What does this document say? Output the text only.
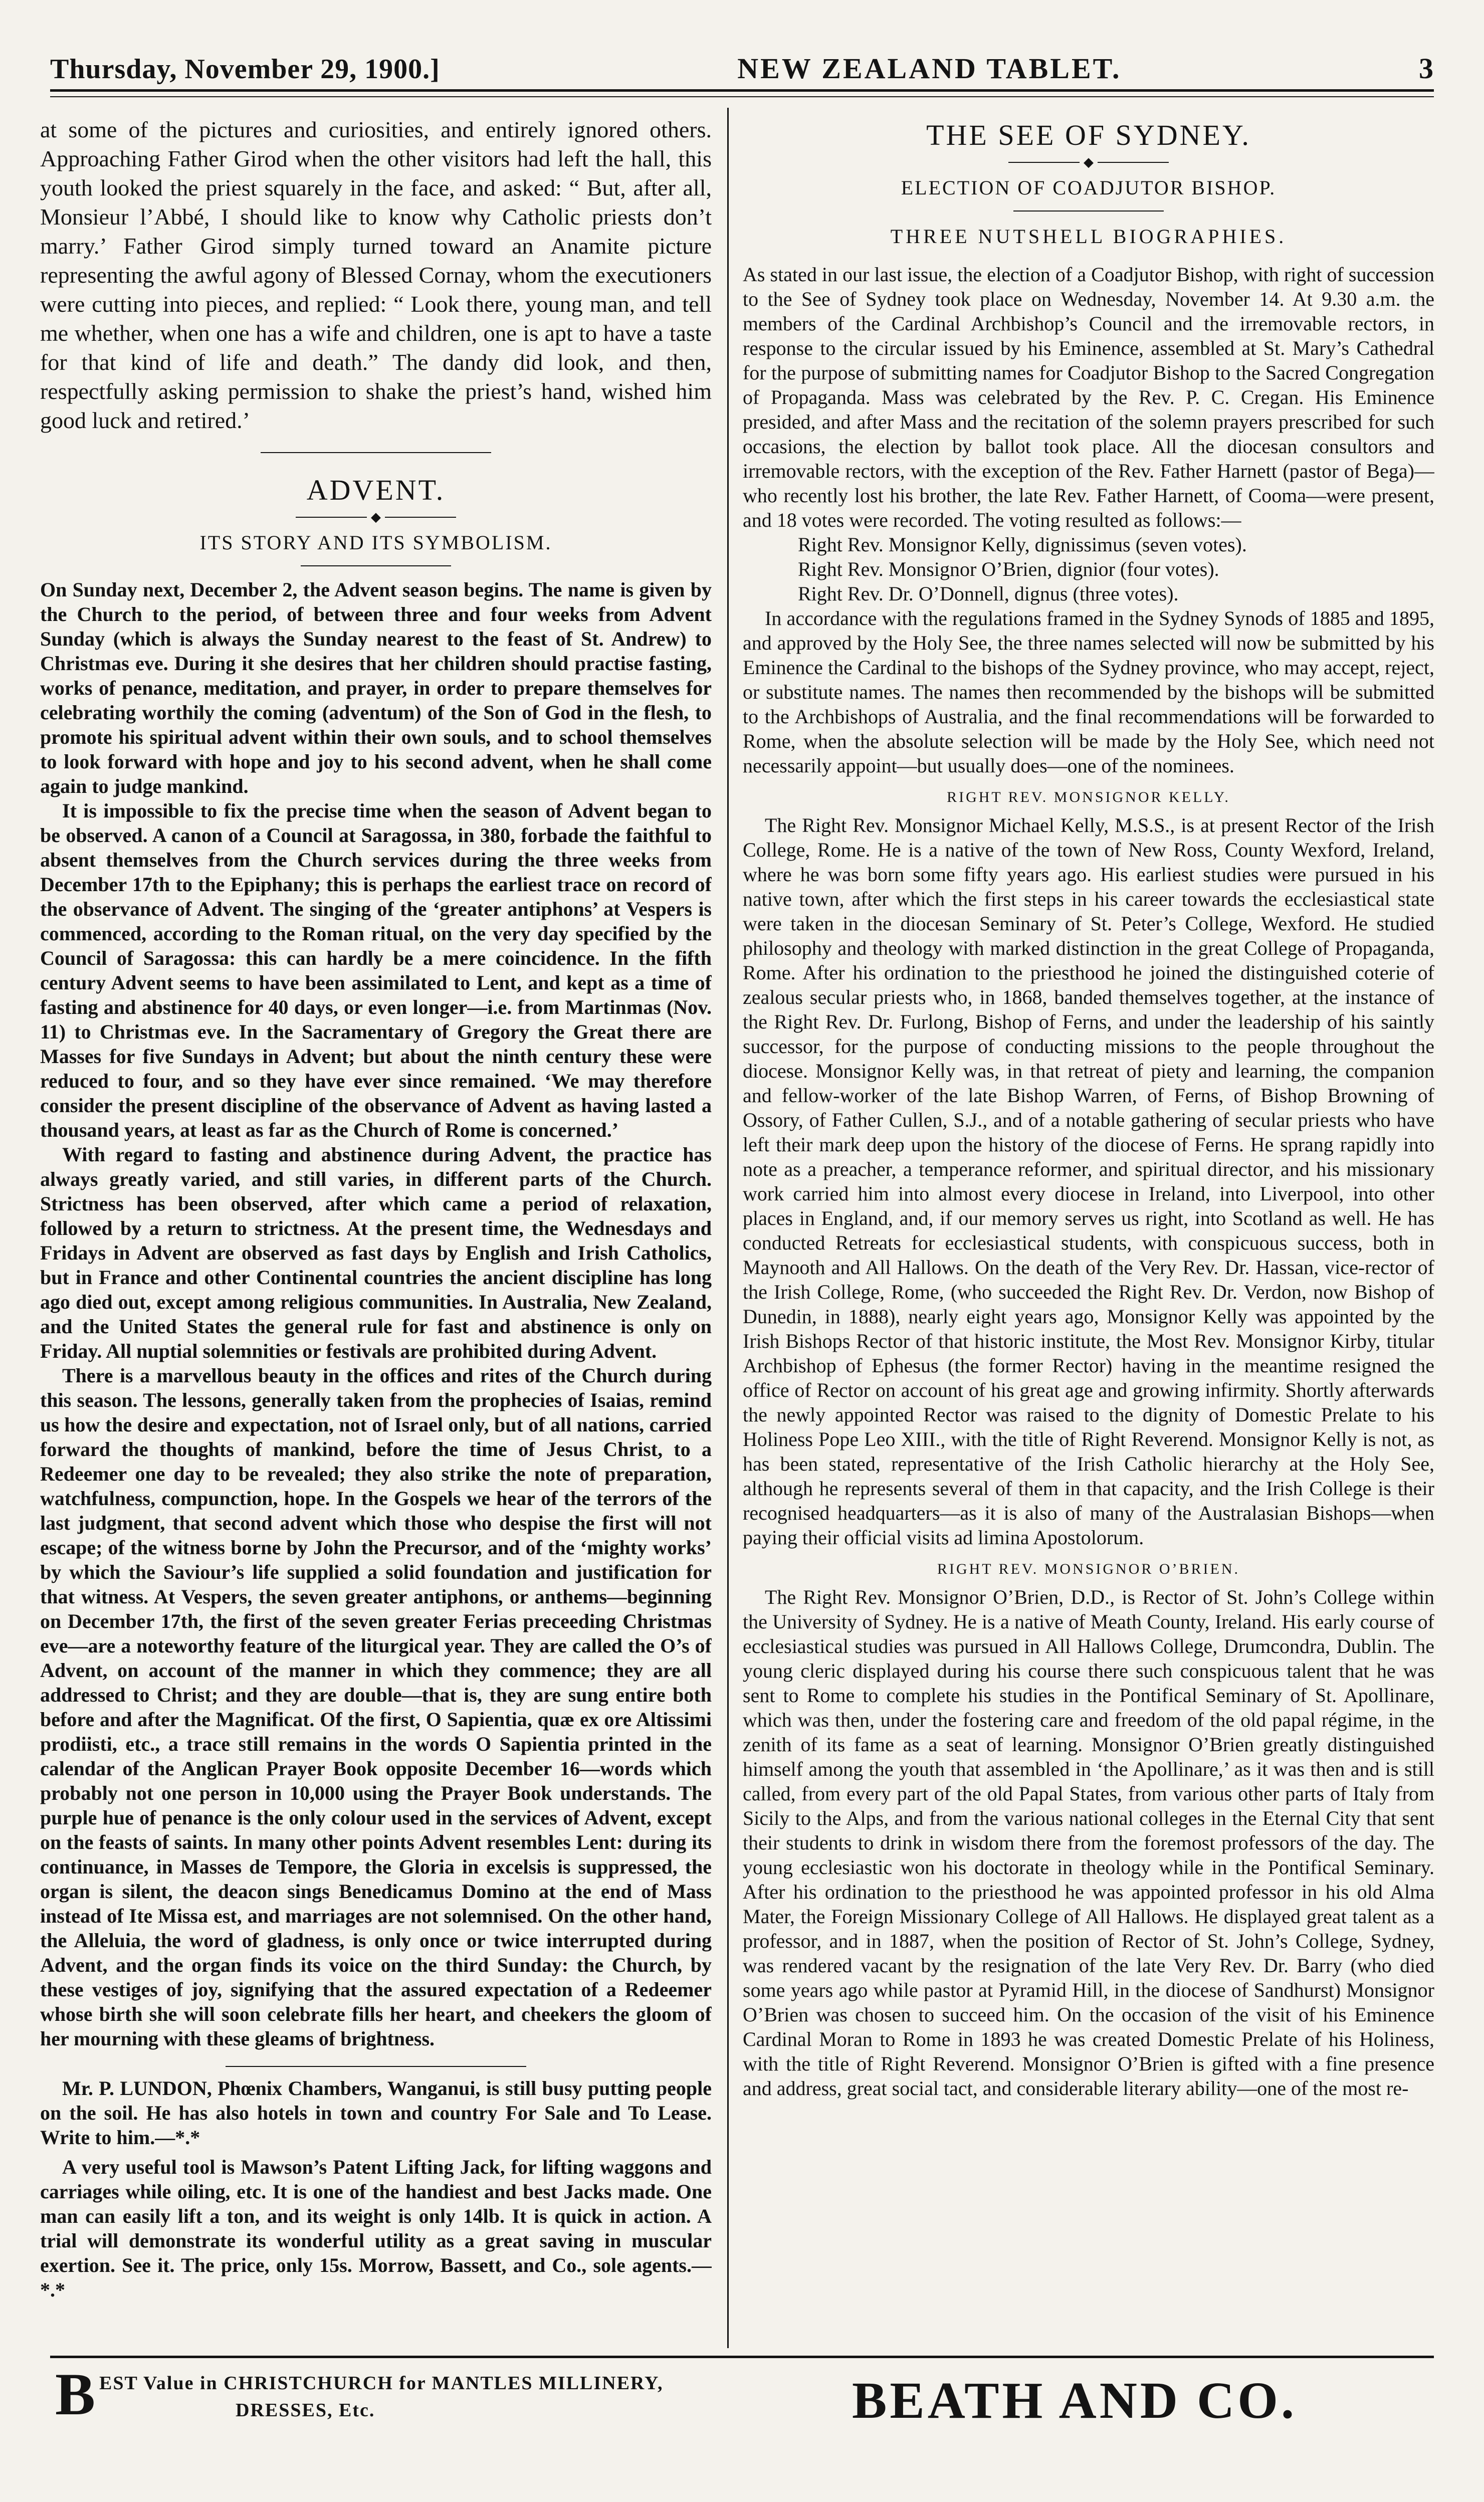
Thursday, November 29, 1900.]	NEW ZEALAND TABLET.	3

at some of the pictures and curiosities, and entirely ignored others. Approaching Father Girod when the other visitors had left the hall, this youth looked the priest squarely in the face, and asked: “ But, after all, Monsieur l’Abbé, I should like to know why Catholic priests don’t marry.’ Father Girod simply turned toward an Anamite picture representing the awful agony of Blessed Cornay, whom the executioners were cutting into pieces, and replied: “ Look there, young man, and tell me whether, when one has a wife and children, one is apt to have a taste for that kind of life and death.” The dandy did look, and then, respectfully asking permission to shake the priest’s hand, wished him good luck and retired.’

ADVENT.
◆
ITS STORY AND ITS SYMBOLISM.

On Sunday next, December 2, the Advent season begins. The name is given by the Church to the period, of between three and four weeks from Advent Sunday (which is always the Sunday nearest to the feast of St. Andrew) to Christmas eve. During it she desires that her children should practise fasting, works of penance, meditation, and prayer, in order to prepare themselves for celebrating worthily the coming (adventum) of the Son of God in the flesh, to promote his spiritual advent within their own souls, and to school themselves to look forward with hope and joy to his second advent, when he shall come again to judge mankind.

It is impossible to fix the precise time when the season of Advent began to be observed. A canon of a Council at Saragossa, in 380, forbade the faithful to absent themselves from the Church services during the three weeks from December 17th to the Epiphany; this is perhaps the earliest trace on record of the observance of Advent. The singing of the ‘greater antiphons’ at Vespers is commenced, according to the Roman ritual, on the very day specified by the Council of Saragossa: this can hardly be a mere coincidence. In the fifth century Advent seems to have been assimilated to Lent, and kept as a time of fasting and abstinence for 40 days, or even longer—i.e. from Martinmas (Nov. 11) to Christmas eve. In the Sacramentary of Gregory the Great there are Masses for five Sundays in Advent; but about the ninth century these were reduced to four, and so they have ever since remained. ‘We may therefore consider the present discipline of the observance of Advent as having lasted a thousand years, at least as far as the Church of Rome is concerned.’

With regard to fasting and abstinence during Advent, the practice has always greatly varied, and still varies, in different parts of the Church. Strictness has been observed, after which came a period of relaxation, followed by a return to strictness. At the present time, the Wednesdays and Fridays in Advent are observed as fast days by English and Irish Catholics, but in France and other Continental countries the ancient discipline has long ago died out, except among religious communities. In Australia, New Zealand, and the United States the general rule for fast and abstinence is only on Friday. All nuptial solemnities or festivals are prohibited during Advent.

There is a marvellous beauty in the offices and rites of the Church during this season. The lessons, generally taken from the prophecies of Isaias, remind us how the desire and expectation, not of Israel only, but of all nations, carried forward the thoughts of mankind, before the time of Jesus Christ, to a Redeemer one day to be revealed; they also strike the note of preparation, watchfulness, compunction, hope. In the Gospels we hear of the terrors of the last judgment, that second advent which those who despise the first will not escape; of the witness borne by John the Precursor, and of the ‘mighty works’ by which the Saviour’s life supplied a solid foundation and justification for that witness. At Vespers, the seven greater antiphons, or anthems—beginning on December 17th, the first of the seven greater Ferias preceeding Christmas eve—are a noteworthy feature of the liturgical year. They are called the O’s of Advent, on account of the manner in which they commence; they are all addressed to Christ; and they are double—that is, they are sung entire both before and after the Magnificat. Of the first, O Sapientia, quæ ex ore Altissimi prodiisti, etc., a trace still remains in the words O Sapientia printed in the calendar of the Anglican Prayer Book opposite December 16—words which probably not one person in 10,000 using the Prayer Book understands. The purple hue of penance is the only colour used in the services of Advent, except on the feasts of saints. In many other points Advent resembles Lent: during its continuance, in Masses de Tempore, the Gloria in excelsis is suppressed, the organ is silent, the deacon sings Benedicamus Domino at the end of Mass instead of Ite Missa est, and marriages are not solemnised. On the other hand, the Alleluia, the word of gladness, is only once or twice interrupted during Advent, and the organ finds its voice on the third Sunday: the Church, by these vestiges of joy, signifying that the assured expectation of a Redeemer whose birth she will soon celebrate fills her heart, and cheekers the gloom of her mourning with these gleams of brightness.

Mr. P. LUNDON, Phœnix Chambers, Wanganui, is still busy putting people on the soil. He has also hotels in town and country For Sale and To Lease. Write to him.—*.*

A very useful tool is Mawson’s Patent Lifting Jack, for lifting waggons and carriages while oiling, etc. It is one of the handiest and best Jacks made. One man can easily lift a ton, and its weight is only 14lb. It is quick in action. A trial will demonstrate its wonderful utility as a great saving in muscular exertion. See it. The price, only 15s. Morrow, Bassett, and Co., sole agents.—*.*

THE SEE OF SYDNEY.
◆
ELECTION OF COADJUTOR BISHOP.
THREE NUTSHELL BIOGRAPHIES.

As stated in our last issue, the election of a Coadjutor Bishop, with right of succession to the See of Sydney took place on Wednesday, November 14. At 9.30 a.m. the members of the Cardinal Archbishop’s Council and the irremovable rectors, in response to the circular issued by his Eminence, assembled at St. Mary’s Cathedral for the purpose of submitting names for Coadjutor Bishop to the Sacred Congregation of Propaganda. Mass was celebrated by the Rev. P. C. Cregan. His Eminence presided, and after Mass and the recitation of the solemn prayers prescribed for such occasions, the election by ballot took place. All the diocesan consultors and irremovable rectors, with the exception of the Rev. Father Harnett (pastor of Bega)—who recently lost his brother, the late Rev. Father Harnett, of Cooma—were present, and 18 votes were recorded. The voting resulted as follows:—

Right Rev. Monsignor Kelly, dignissimus (seven votes).

Right Rev. Monsignor O’Brien, dignior (four votes).

Right Rev. Dr. O’Donnell, dignus (three votes).

In accordance with the regulations framed in the Sydney Synods of 1885 and 1895, and approved by the Holy See, the three names selected will now be submitted by his Eminence the Cardinal to the bishops of the Sydney province, who may accept, reject, or substitute names. The names then recommended by the bishops will be submitted to the Archbishops of Australia, and the final recommendations will be forwarded to Rome, when the absolute selection will be made by the Holy See, which need not necessarily appoint—but usually does—one of the nominees.

RIGHT REV. MONSIGNOR KELLY.

The Right Rev. Monsignor Michael Kelly, M.S.S., is at present Rector of the Irish College, Rome. He is a native of the town of New Ross, County Wexford, Ireland, where he was born some fifty years ago. His earliest studies were pursued in his native town, after which the first steps in his career towards the ecclesiastical state were taken in the diocesan Seminary of St. Peter’s College, Wexford. He studied philosophy and theology with marked distinction in the great College of Propaganda, Rome. After his ordination to the priesthood he joined the distinguished coterie of zealous secular priests who, in 1868, banded themselves together, at the instance of the Right Rev. Dr. Furlong, Bishop of Ferns, and under the leadership of his saintly successor, for the purpose of conducting missions to the people throughout the diocese. Monsignor Kelly was, in that retreat of piety and learning, the companion and fellow-worker of the late Bishop Warren, of Ferns, of Bishop Browning of Ossory, of Father Cullen, S.J., and of a notable gathering of secular priests who have left their mark deep upon the history of the diocese of Ferns. He sprang rapidly into note as a preacher, a temperance reformer, and spiritual director, and his missionary work carried him into almost every diocese in Ireland, into Liverpool, into other places in England, and, if our memory serves us right, into Scotland as well. He has conducted Retreats for ecclesiastical students, with conspicuous success, both in Maynooth and All Hallows. On the death of the Very Rev. Dr. Hassan, vice-rector of the Irish College, Rome, (who succeeded the Right Rev. Dr. Verdon, now Bishop of Dunedin, in 1888), nearly eight years ago, Monsignor Kelly was appointed by the Irish Bishops Rector of that historic institute, the Most Rev. Monsignor Kirby, titular Archbishop of Ephesus (the former Rector) having in the meantime resigned the office of Rector on account of his great age and growing infirmity. Shortly afterwards the newly appointed Rector was raised to the dignity of Domestic Prelate to his Holiness Pope Leo XIII., with the title of Right Reverend. Monsignor Kelly is not, as has been stated, representative of the Irish Catholic hierarchy at the Holy See, although he represents several of them in that capacity, and the Irish College is their recognised headquarters—as it is also of many of the Australasian Bishops—when paying their official visits ad limina Apostolorum.

RIGHT REV. MONSIGNOR O’BRIEN.

The Right Rev. Monsignor O’Brien, D.D., is Rector of St. John’s College within the University of Sydney. He is a native of Meath County, Ireland. His early course of ecclesiastical studies was pursued in All Hallows College, Drumcondra, Dublin. The young cleric displayed during his course there such conspicuous talent that he was sent to Rome to complete his studies in the Pontifical Seminary of St. Apollinare, which was then, under the fostering care and freedom of the old papal régime, in the zenith of its fame as a seat of learning. Monsignor O’Brien greatly distinguished himself among the youth that assembled in ‘the Apollinare,’ as it was then and is still called, from every part of the old Papal States, from various other parts of Italy from Sicily to the Alps, and from the various national colleges in the Eternal City that sent their students to drink in wisdom there from the foremost professors of the day. The young ecclesiastic won his doctorate in theology while in the Pontifical Seminary. After his ordination to the priesthood he was appointed professor in his old Alma Mater, the Foreign Missionary College of All Hallows. He displayed great talent as a professor, and in 1887, when the position of Rector of St. John’s College, Sydney, was rendered vacant by the resignation of the late Very Rev. Dr. Barry (who died some years ago while pastor at Pyramid Hill, in the diocese of Sandhurst) Monsignor O’Brien was chosen to succeed him. On the occasion of the visit of his Eminence Cardinal Moran to Rome in 1893 he was created Domestic Prelate of his Holiness, with the title of Right Reverend. Monsignor O’Brien is gifted with a fine presence and address, great social tact, and considerable literary ability—one of the most re-

B EST Value in CHRISTCHURCH for MANTLES MILLINERY,
DRESSES, Etc.	BEATH AND CO.
